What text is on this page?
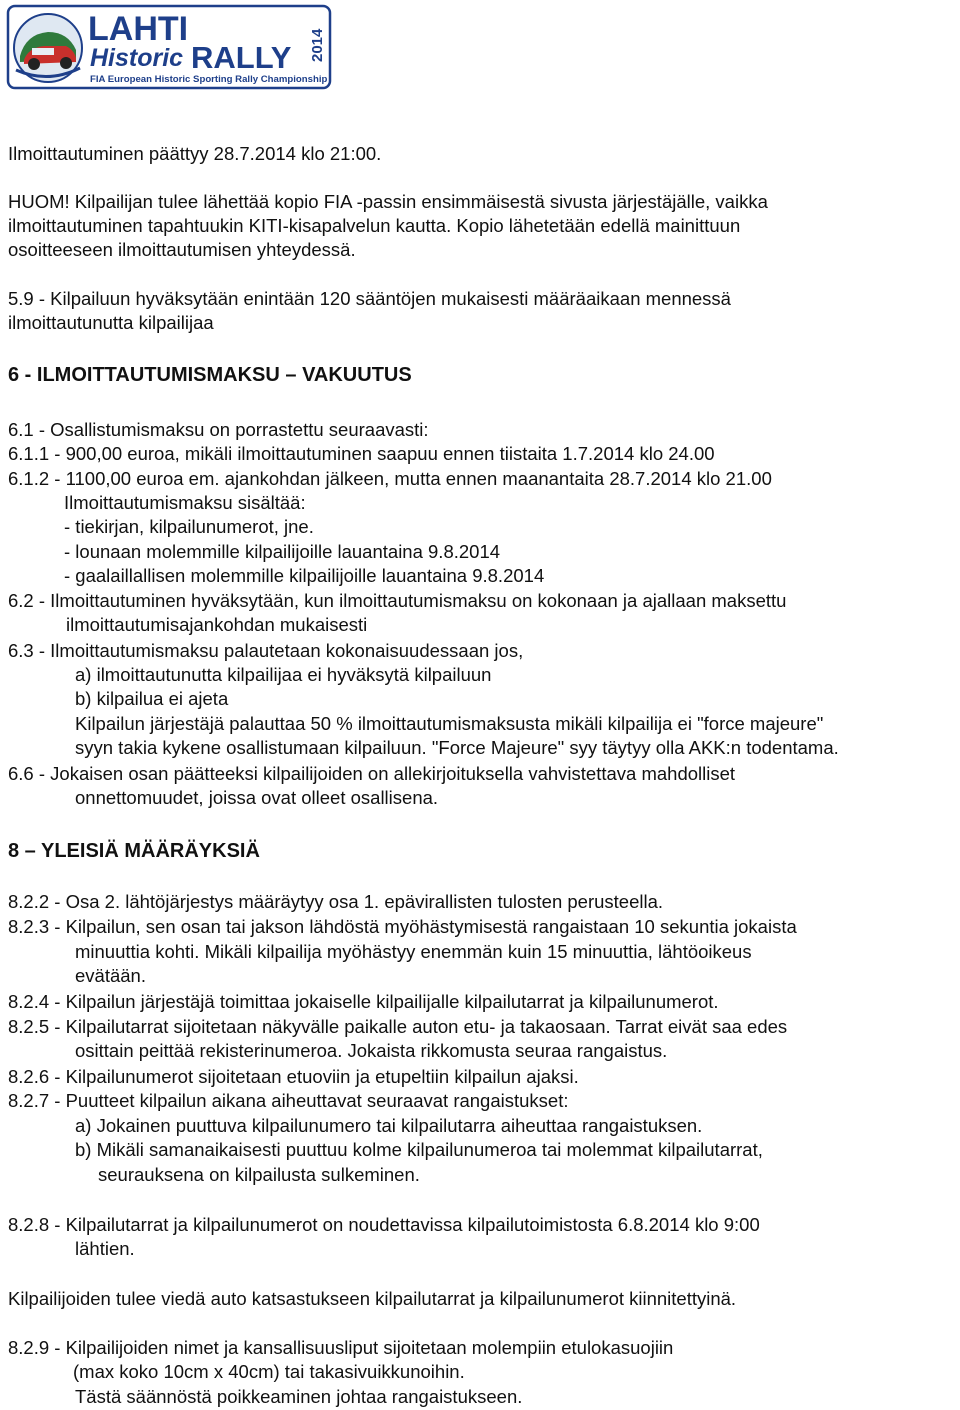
LAHTI
Historic RALLY 2014
FIA European Historic Sporting Rally Championship
Ilmoittautuminen päättyy 28.7.2014 klo 21:00.
HUOM! Kilpailijan tulee lähettää kopio FIA -passin ensimmäisestä sivusta järjestäjälle, vaikka
ilmoittautuminen tapahtuukin KITI-kisapalvelun kautta. Kopio lähetetään edellä mainittuun
osoitteeseen ilmoittautumisen yhteydessä.
5.9 - Kilpailuun hyväksytään enintään 120 sääntöjen mukaisesti määräaikaan mennessä
ilmoittautunutta kilpailijaa
6 - ILMOITTAUTUMISMAKSU – VAKUUTUS
6.1 - Osallistumismaksu on porrastettu seuraavasti:
6.1.1 - 900,00 euroa, mikäli ilmoittautuminen saapuu ennen tiistaita 1.7.2014 klo 24.00
6.1.2 - 1100,00 euroa em. ajankohdan jälkeen, mutta ennen maanantaita 28.7.2014 klo 21.00
Ilmoittautumismaksu sisältää:
- tiekirjan, kilpailunumerot, jne.
- lounaan molemmille kilpailijoille lauantaina 9.8.2014
- gaalaillallisen molemmille kilpailijoille lauantaina 9.8.2014
6.2 - Ilmoittautuminen hyväksytään, kun ilmoittautumismaksu on kokonaan ja ajallaan maksettu
ilmoittautumisajankohdan mukaisesti
6.3 - Ilmoittautumismaksu palautetaan kokonaisuudessaan jos,
a) ilmoittautunutta kilpailijaa ei hyväksytä kilpailuun
b) kilpailua ei ajeta
Kilpailun järjestäjä palauttaa 50 % ilmoittautumismaksusta mikäli kilpailija ei "force majeure"
syyn takia kykene osallistumaan kilpailuun. "Force Majeure" syy täytyy olla AKK:n todentama.
6.6 - Jokaisen osan päätteeksi kilpailijoiden on allekirjoituksella vahvistettava mahdolliset
onnettomuudet, joissa ovat olleet osallisena.
8 – YLEISIÄ MÄÄRÄYKSIÄ
8.2.2 - Osa 2. lähtöjärjestys määräytyy osa 1. epävirallisten tulosten perusteella.
8.2.3 - Kilpailun, sen osan tai jakson lähdöstä myöhästymisestä rangaistaan 10 sekuntia jokaista
minuuttia kohti. Mikäli kilpailija myöhästyy enemmän kuin 15 minuuttia, lähtöoikeus
evätään.
8.2.4 - Kilpailun järjestäjä toimittaa jokaiselle kilpailijalle kilpailutarrat ja kilpailunumerot.
8.2.5 - Kilpailutarrat sijoitetaan näkyvälle paikalle auton etu- ja takaosaan. Tarrat eivät saa edes
osittain peittää rekisterinumeroa. Jokaista rikkomusta seuraa rangaistus.
8.2.6 - Kilpailunumerot sijoitetaan etuoviin ja etupeltiin kilpailun ajaksi.
8.2.7 - Puutteet kilpailun aikana aiheuttavat seuraavat rangaistukset:
a) Jokainen puuttuva kilpailunumero tai kilpailutarra aiheuttaa rangaistuksen.
b) Mikäli samanaikaisesti puuttuu kolme kilpailunumeroa tai molemmat kilpailutarrat,
seurauksena on kilpailusta sulkeminen.
8.2.8 - Kilpailutarrat ja kilpailunumerot on noudettavissa kilpailutoimistosta 6.8.2014 klo 9:00
lähtien.
Kilpailijoiden tulee viedä auto katsastukseen kilpailutarrat ja kilpailunumerot kiinnitettyinä.
8.2.9 - Kilpailijoiden nimet ja kansallisuusliput sijoitetaan molempiin etulokasuojiin
(max koko 10cm x 40cm) tai takasivuikkunoihin.
Tästä säännöstä poikkeaminen johtaa rangaistukseen.
